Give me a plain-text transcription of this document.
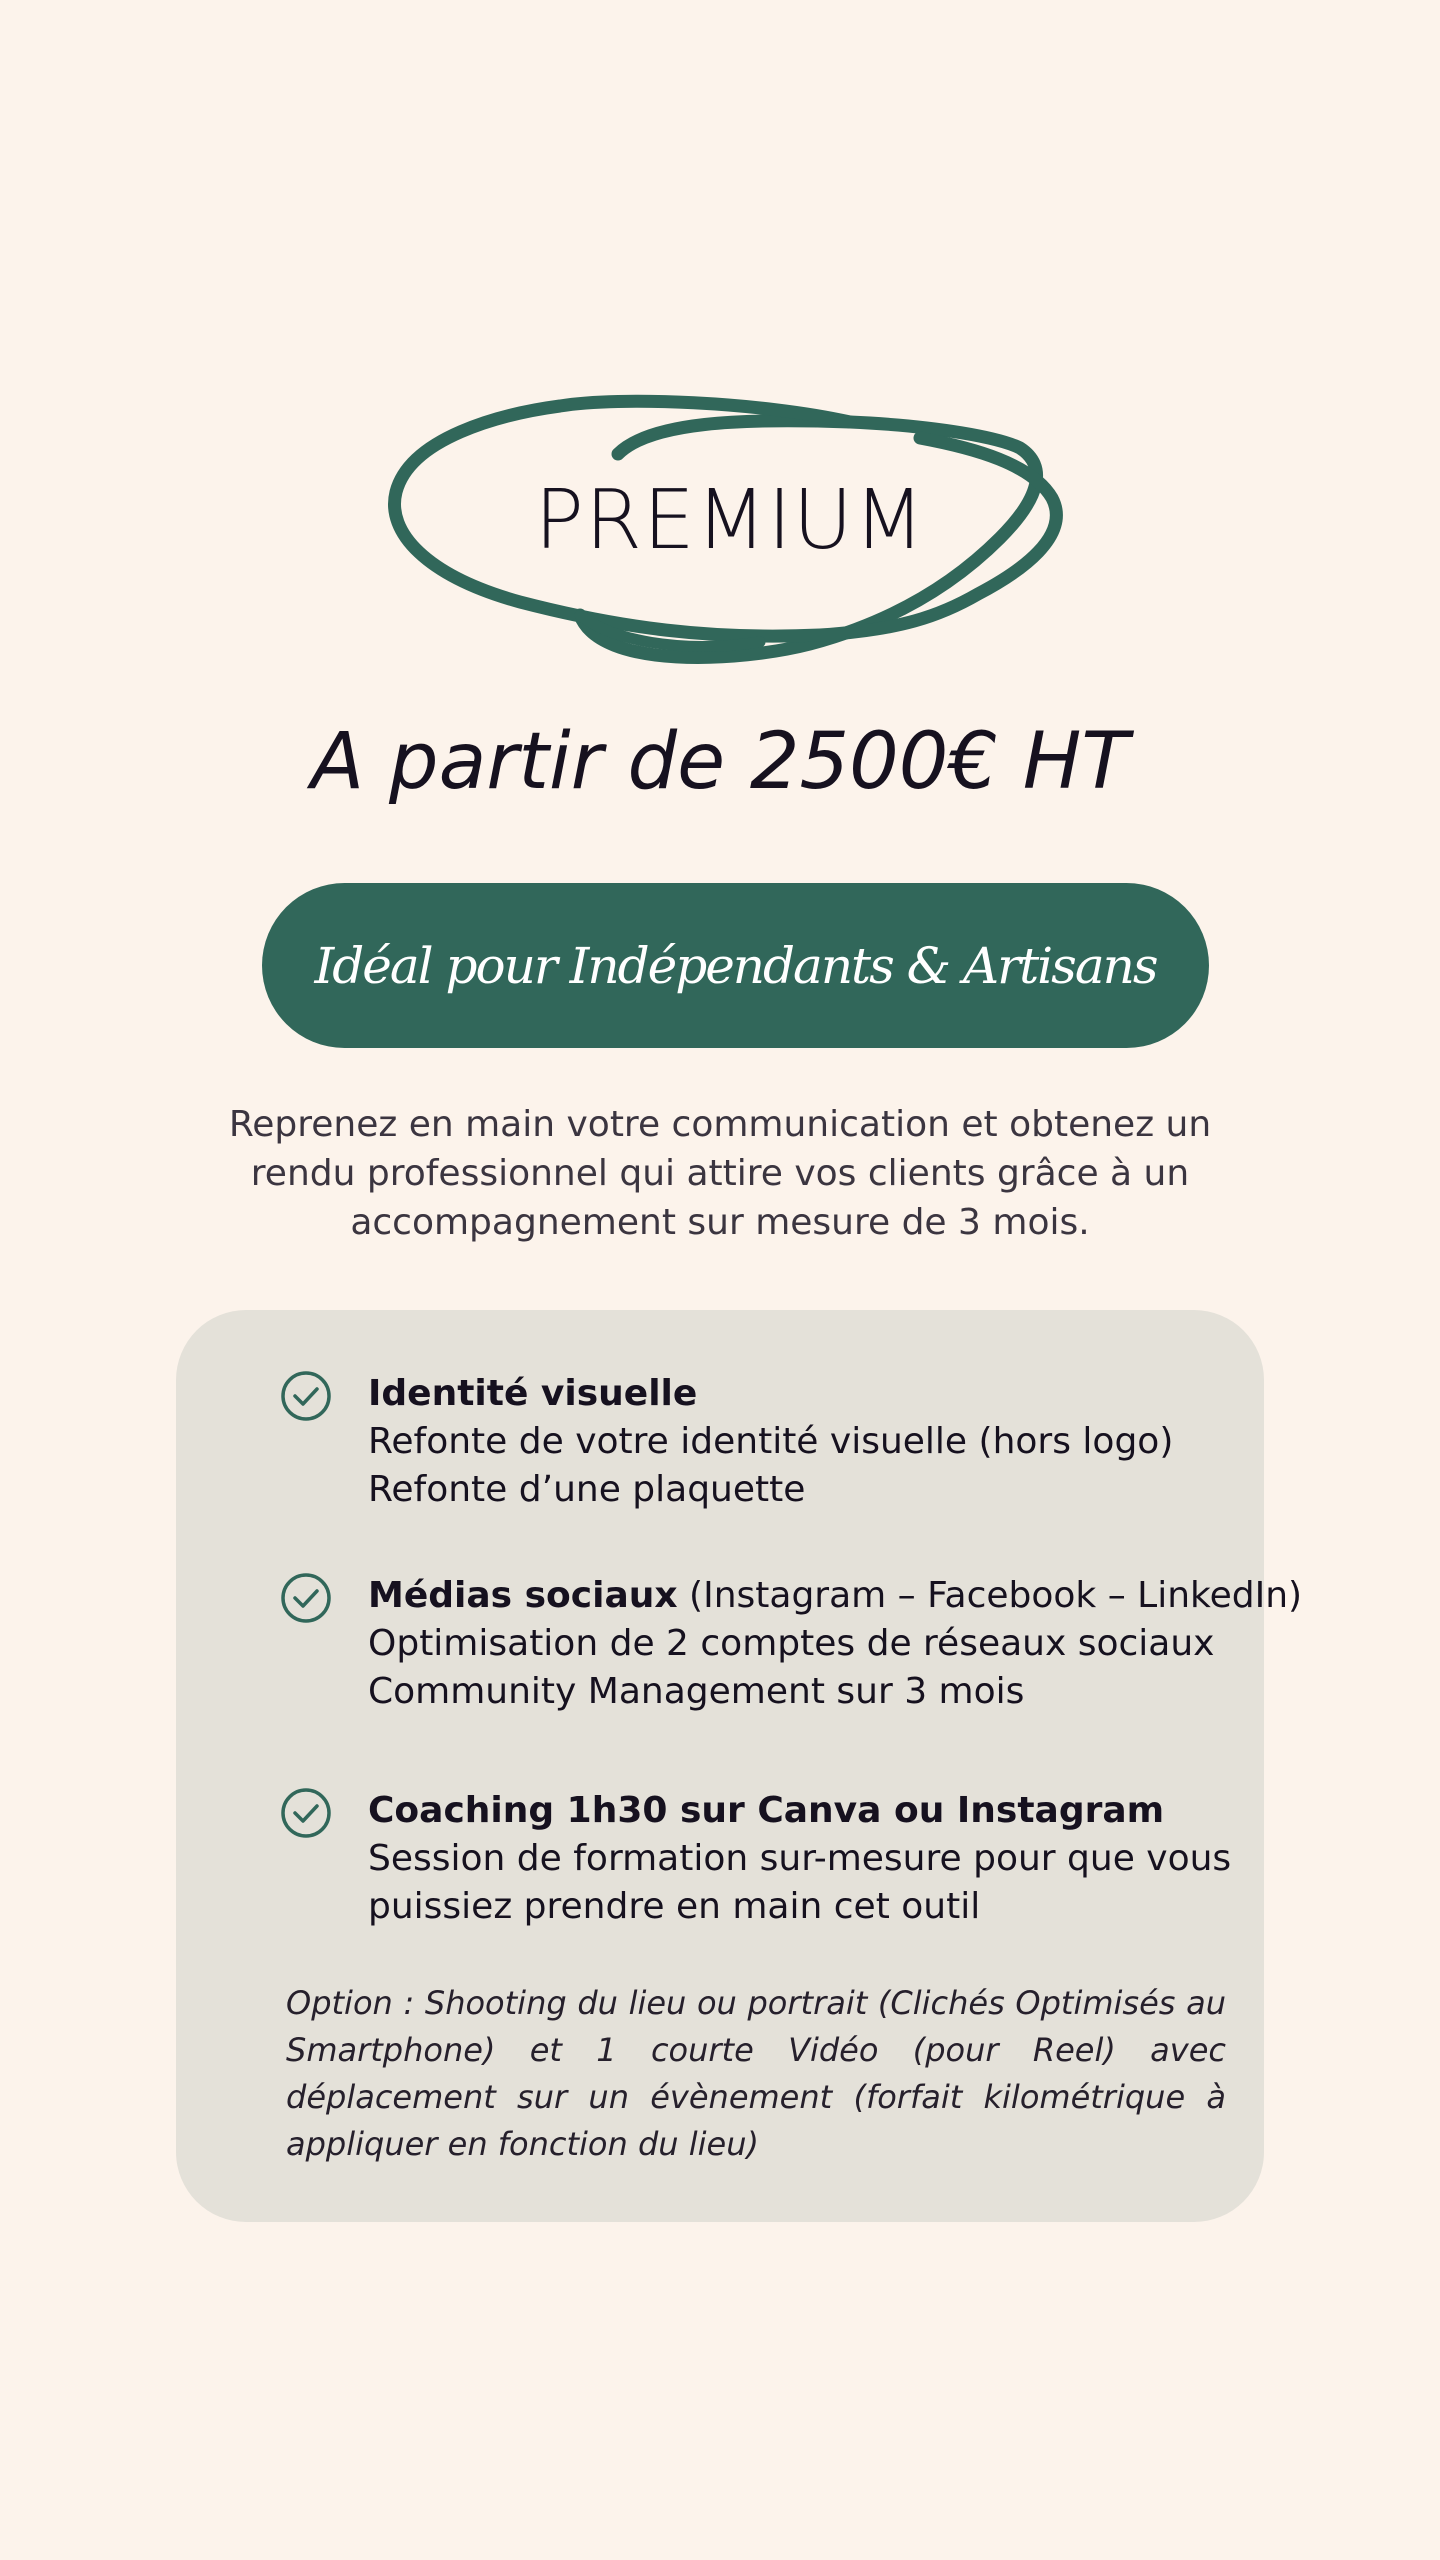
PREMIUM
A partir de 2500€ HT
Idéal pour Indépendants & Artisans
Reprenez en main votre communication et obtenez un rendu professionnel qui attire vos clients grâce à un accompagnement sur mesure de 3 mois.
Identité visuelle
Refonte de votre identité visuelle (hors logo)
Refonte d’une plaquette
Médias sociaux (Instagram – Facebook – LinkedIn)
Optimisation de 2 comptes de réseaux sociaux
Community Management sur 3 mois
Coaching 1h30 sur Canva ou Instagram
Session de formation sur-mesure pour que vous
puissiez prendre en main cet outil
Option : Shooting du lieu ou portrait (Clichés Optimisés au Smartphone) et 1 courte Vidéo (pour Reel) avec déplacement sur un évènement (forfait kilométrique à appliquer en fonction du lieu)
